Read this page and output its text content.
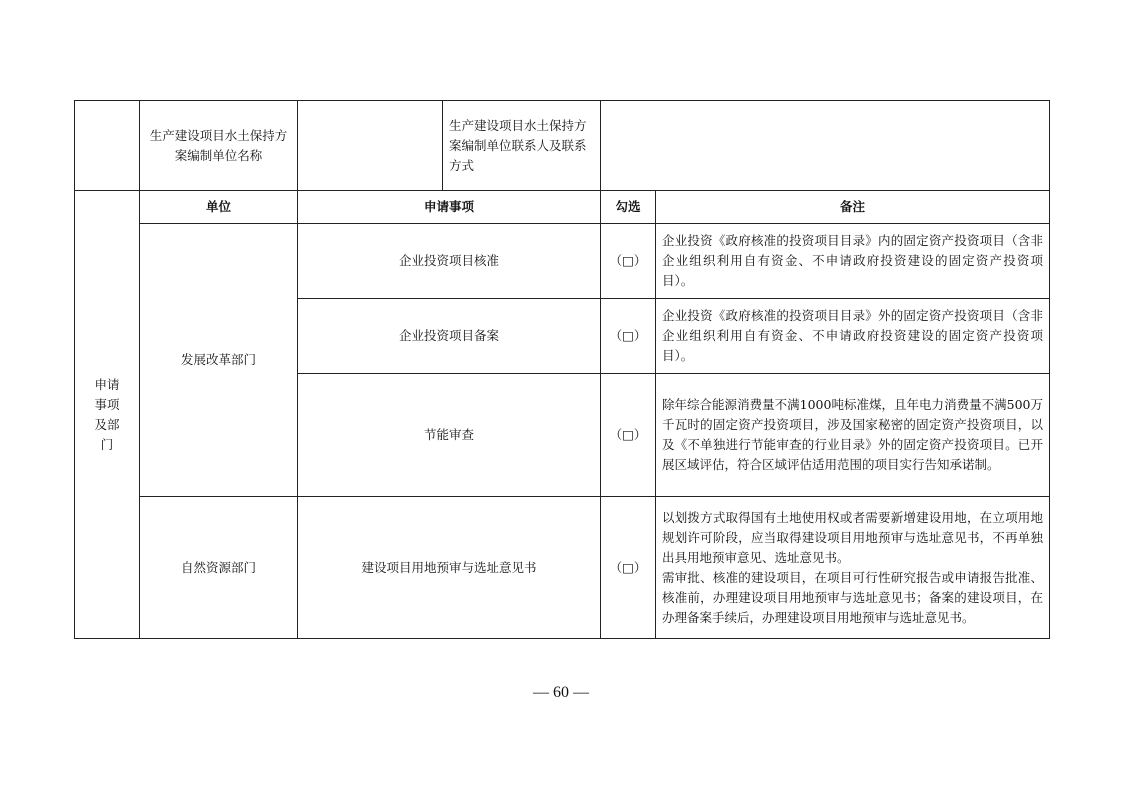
	生产建设项目水土保持方案编制单位名称		生产建设项目水土保持方案编制单位联系人及联系方式		
申请事项及部门	单位	申请事项		勾选	备注
	发展改革部门	企业投资项目核准		（□）	企业投资《政府核准的投资项目目录》内的固定资产投资项目（含非企业组织利用自有资金、不申请政府投资建设的固定资产投资项目）。
		企业投资项目备案		（□）	企业投资《政府核准的投资项目目录》外的固定资产投资项目（含非企业组织利用自有资金、不申请政府投资建设的固定资产投资项目）。
		节能审查		（□）	除年综合能源消费量不满1000吨标准煤，且年电力消费量不满500万千瓦时的固定资产投资项目，涉及国家秘密的固定资产投资项目，以及《不单独进行节能审查的行业目录》外的固定资产投资项目。已开展区域评估，符合区域评估适用范围的项目实行告知承诺制。
	自然资源部门	建设项目用地预审与选址意见书		（□）	以划拨方式取得国有土地使用权或者需要新增建设用地，在立项用地规划许可阶段，应当取得建设项目用地预审与选址意见书，不再单独出具用地预审意见、选址意见书。
需审批、核准的建设项目，在项目可行性研究报告或申请报告批准、核准前，办理建设项目用地预审与选址意见书；备案的建设项目，在办理备案手续后，办理建设项目用地预审与选址意见书。
— 60 —
